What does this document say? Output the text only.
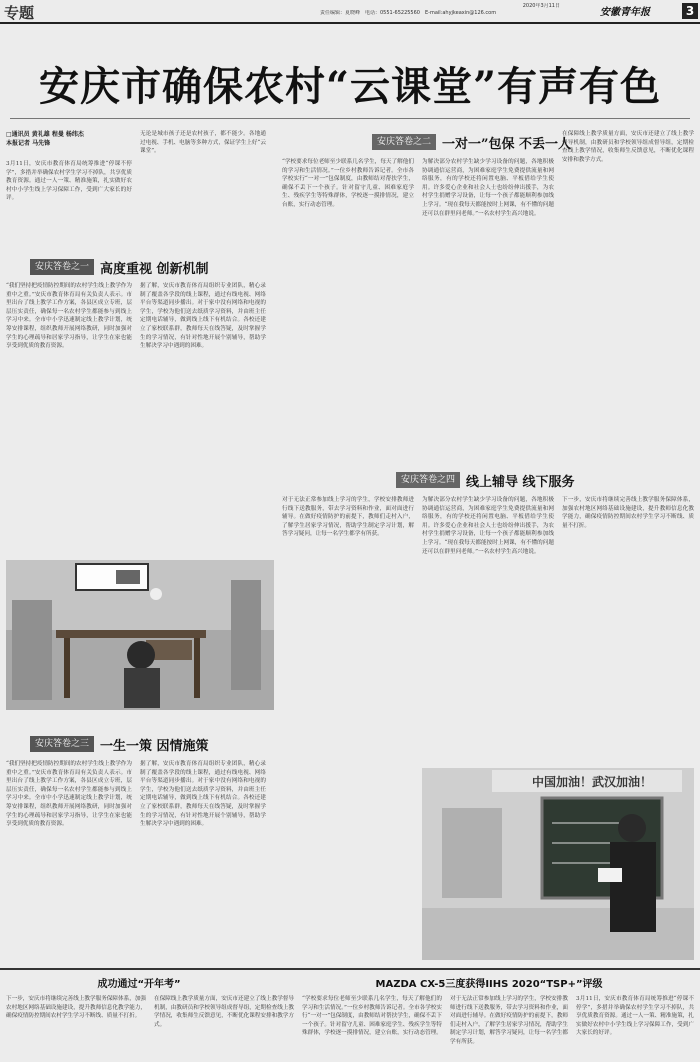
专题	2020年3月11日
责任编辑：夏晓峰　电话：0551-65225560　E-mail:ahyjkeaxin@126.com	安徽青年报	3
安庆市确保农村“云课堂”有声有色
□通讯员 黄礼雄 程曼 杨纬杰
本报记者 马先锋
3月11日，安庆市教育体育局统筹推进“停课不停学”，多措并举确保农村学生学习不掉队，共享优质教育资源。通过一人一策、精准施策，扎实做好农村中小学生线上学习保障工作，受到广大家长的好评。
无论是城市孩子还是农村孩子，都不能少。各地通过电视、手机、电脑等多种方式，保证学生上好“云课堂”。
安庆答卷之一 高度重视 创新机制
“我们坚持把疫情防控期间的农村学生线上教学作为重中之重。”安庆市教育体育局有关负责人表示。市里出台了线上教学工作方案，各县区成立专班，层层压实责任，确保每一名农村学生都能参与到线上学习中来。全市中小学迅速制定线上教学计划，统筹安排课程，组织教师开展网络教研，同时加强对学生的心理疏导和居家学习指导，让学生在家也能享受到优质的教育资源。
据了解，安庆市教育体育局组织专业团队，精心录制了覆盖各学段的线上课程，通过有线电视、网络平台等渠道同步播出。对于家中没有网络和电视的学生，学校为他们送去纸质学习资料，并由班主任定期电话辅导，做到线上线下有机结合。各校还建立了家校联系群，教师每天在线答疑，及时掌握学生的学习情况，有针对性地开展个别辅导，帮助学生解决学习中遇到的困难。
安庆答卷之三 一生一策 因情施策
“我们坚持把疫情防控期间的农村学生线上教学作为重中之重。”安庆市教育体育局有关负责人表示。市里出台了线上教学工作方案，各县区成立专班，层层压实责任，确保每一名农村学生都能参与到线上学习中来。全市中小学迅速制定线上教学计划，统筹安排课程，组织教师开展网络教研，同时加强对学生的心理疏导和居家学习指导，让学生在家也能享受到优质的教育资源。
据了解，安庆市教育体育局组织专业团队，精心录制了覆盖各学段的线上课程，通过有线电视、网络平台等渠道同步播出。对于家中没有网络和电视的学生，学校为他们送去纸质学习资料，并由班主任定期电话辅导，做到线上线下有机结合。各校还建立了家校联系群，教师每天在线答疑，及时掌握学生的学习情况，有针对性地开展个别辅导，帮助学生解决学习中遇到的困难。
安庆答卷之二 一对一”包保 不丢一人
“学校要求每位老师至少联系几名学生，每天了解他们的学习和生活情况。”一位乡村教师告诉记者。全市各学校实行“一对一”包保制度，由教师结对帮扶学生，确保不丢下一个孩子。针对留守儿童、困难家庭学生、残疾学生等特殊群体，学校逐一摸排情况，建立台账，实行动态管理。
为解决部分农村学生缺少学习设备的问题，各地积极协调通信运营商，为困难家庭学生免费提供流量和网络服务，有的学校还将闲置电脑、平板借给学生使用。许多爱心企业和社会人士也纷纷伸出援手，为农村学生捐赠学习设备，让每一个孩子都能顺利参加线上学习。“现在我每天都能按时上网课，有不懂的问题还可以在群里问老师。”一名农村学生高兴地说。
在保障线上教学质量方面，安庆市还建立了线上教学督导机制，由教研员和学校领导组成督导组，定期检查线上教学情况，收集师生反馈意见，不断优化课程安排和教学方式。
安庆答卷之四 线上辅导 线下服务
对于无法正常参加线上学习的学生，学校安排教师进行线下送教服务，带去学习资料和作业，面对面进行辅导。在做好疫情防护的前提下，教师们走村入户，了解学生居家学习情况，帮助学生制定学习计划，解答学习疑问，让每一名学生都学有所获。
为解决部分农村学生缺少学习设备的问题，各地积极协调通信运营商，为困难家庭学生免费提供流量和网络服务，有的学校还将闲置电脑、平板借给学生使用。许多爱心企业和社会人士也纷纷伸出援手，为农村学生捐赠学习设备，让每一个孩子都能顺利参加线上学习。“现在我每天都能按时上网课，有不懂的问题还可以在群里问老师。”一名农村学生高兴地说。
下一步，安庆市将继续完善线上教学服务保障体系，加强农村地区网络基础设施建设，提升教师信息化教学能力，确保疫情防控期间农村学生学习不断线、质量不打折。
中国加油！武汉加油！
成功通过“开年考”	MAZDA CX-5三度获得IIHS 2020“TSP+”评级
下一步，安庆市将继续完善线上教学服务保障体系，加强农村地区网络基础设施建设，提升教师信息化教学能力，确保疫情防控期间农村学生学习不断线、质量不打折。
在保障线上教学质量方面，安庆市还建立了线上教学督导机制，由教研员和学校领导组成督导组，定期检查线上教学情况，收集师生反馈意见，不断优化课程安排和教学方式。
“学校要求每位老师至少联系几名学生，每天了解他们的学习和生活情况。”一位乡村教师告诉记者。全市各学校实行“一对一”包保制度，由教师结对帮扶学生，确保不丢下一个孩子。针对留守儿童、困难家庭学生、残疾学生等特殊群体，学校逐一摸排情况，建立台账，实行动态管理。
对于无法正常参加线上学习的学生，学校安排教师进行线下送教服务，带去学习资料和作业，面对面进行辅导。在做好疫情防护的前提下，教师们走村入户，了解学生居家学习情况，帮助学生制定学习计划，解答学习疑问，让每一名学生都学有所获。
3月11日，安庆市教育体育局统筹推进“停课不停学”，多措并举确保农村学生学习不掉队，共享优质教育资源。通过一人一策、精准施策，扎实做好农村中小学生线上学习保障工作，受到广大家长的好评。
